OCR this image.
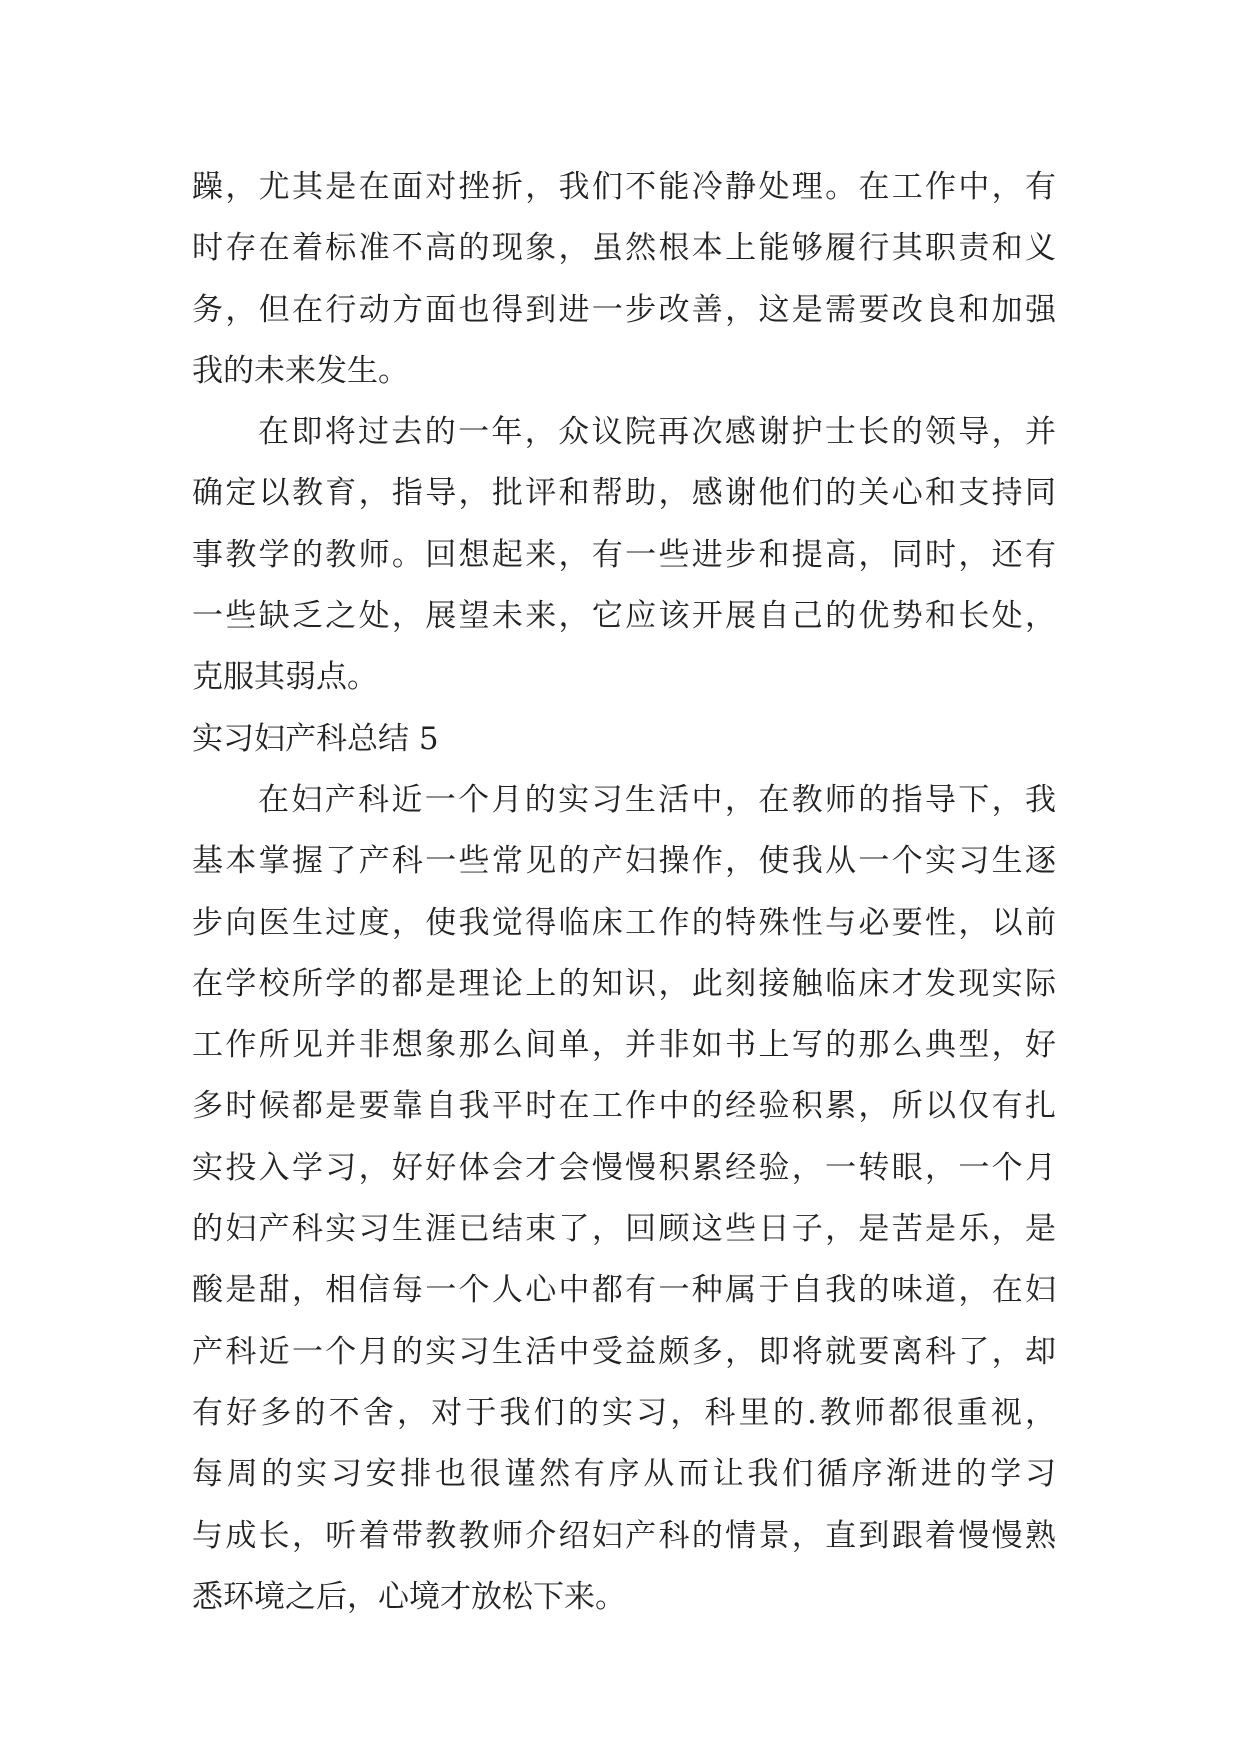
躁，尤其是在面对挫折，我们不能冷静处理。在工作中，有
时存在着标准不高的现象，虽然根本上能够履行其职责和义
务，但在行动方面也得到进一步改善，这是需要改良和加强
我的未来发生。
在即将过去的一年，众议院再次感谢护士长的领导，并
确定以教育，指导，批评和帮助，感谢他们的关心和支持同
事教学的教师。回想起来，有一些进步和提高，同时，还有
一些缺乏之处，展望未来，它应该开展自己的优势和长处，
克服其弱点。
实习妇产科总结 5
在妇产科近一个月的实习生活中，在教师的指导下，我
基本掌握了产科一些常见的产妇操作，使我从一个实习生逐
步向医生过度，使我觉得临床工作的特殊性与必要性，以前
在学校所学的都是理论上的知识，此刻接触临床才发现实际
工作所见并非想象那么间单，并非如书上写的那么典型，好
多时候都是要靠自我平时在工作中的经验积累，所以仅有扎
实投入学习，好好体会才会慢慢积累经验，一转眼，一个月
的妇产科实习生涯已结束了，回顾这些日子，是苦是乐，是
酸是甜，相信每一个人心中都有一种属于自我的味道，在妇
产科近一个月的实习生活中受益颇多，即将就要离科了，却
有好多的不舍，对于我们的实习，科里的.教师都很重视，
每周的实习安排也很谨然有序从而让我们循序渐进的学习
与成长，听着带教教师介绍妇产科的情景，直到跟着慢慢熟
悉环境之后，心境才放松下来。
